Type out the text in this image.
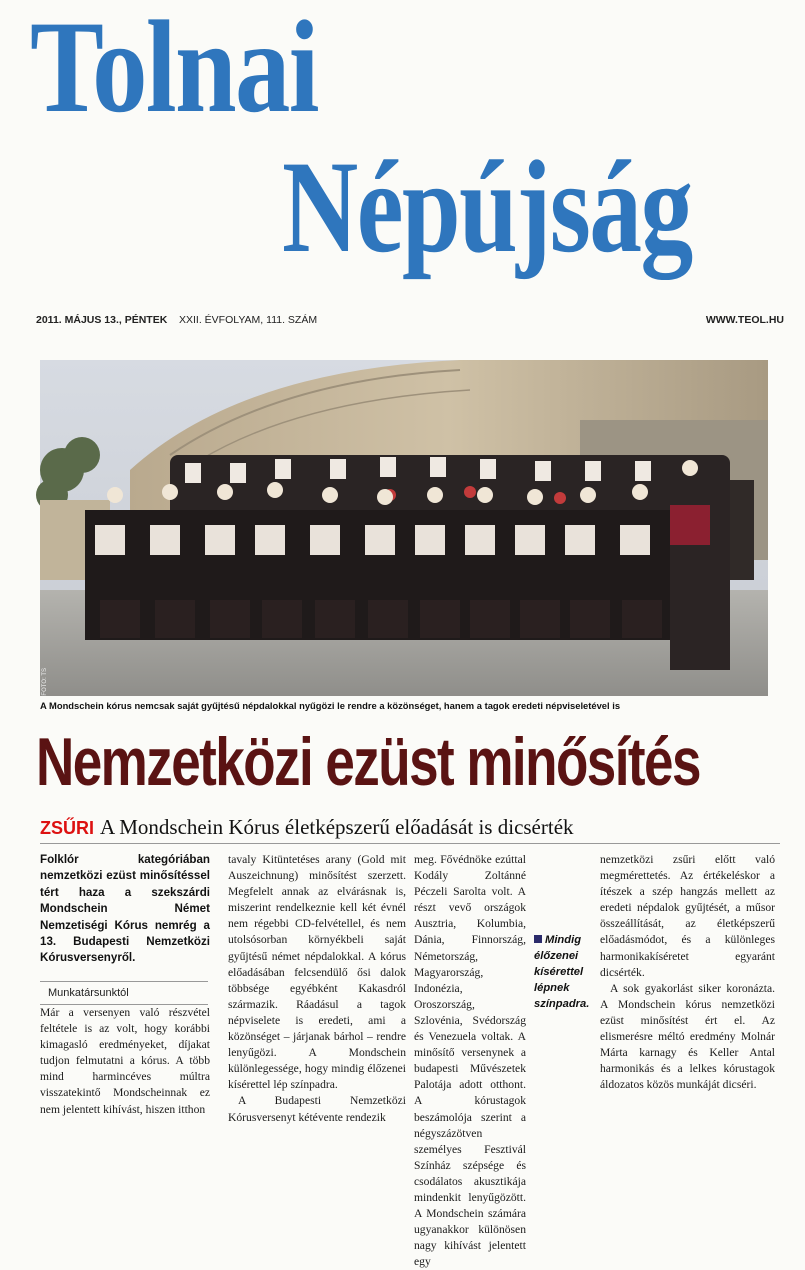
Tolnai
Népújság
2011. MÁJUS 13., PÉNTEK XXII. ÉVFOLYAM, 111. SZÁM	WWW.TEOL.HU
FOTÓ: TS
A Mondschein kórus nemcsak saját gyűjtésű népdalokkal nyűgözi le rendre a közönséget, hanem a tagok eredeti népviseletével is
Nemzetközi ezüst minősítés
ZSŰRI A Mondschein Kórus életképszerű előadását is dicsérték

Folklór kategóriában nemzetközi ezüst minősítéssel tért haza a szekszárdi Mondschein Német Nemzetiségi Kórus nemrég a 13. Budapesti Nemzetközi Kórusversenyről.

Munkatársunktól

Már a versenyen való részvétel feltétele is az volt, hogy korábbi kimagasló eredményeket, díjakat tudjon felmutatni a kórus. A több mind harmincéves múltra visszatekintő Mondscheinnak ez nem jelentett kihívást, hiszen itthon

tavaly Kitüntetéses arany (Gold mit Auszeichnung) minősítést szerzett. Megfelelt annak az elvárásnak is, miszerint rendelkeznie kell két évnél nem régebbi CD-felvétellel, és nem utolsósorban környékbeli saját gyűjtésű német népdalokkal. A kórus előadásában felcsendülő ősi dalok többsége egyébként Kakasdról származik. Ráadásul a tagok népviselete is eredeti, ami a közönséget – járjanak bárhol – rendre lenyűgözi. A Mondschein különlegessége, hogy mindig élőzenei kísérettel lép színpadra.

A Budapesti Nemzetközi Kórusversenyt kétévente rendezik

meg. Fővédnöke ezúttal Kodály Zoltánné Péczeli Sarolta volt. A részt vevő országok Ausztria, Kolumbia, Dánia, Finnország, Németország, Magyarország, Indonézia, Oroszország, Szlovénia, Svédország és Venezuela voltak. A minősítő versenynek a budapesti Művészetek Palotája adott otthont. A kórustagok beszámolója szerint a négyszázötven személyes Fesztivál Színház szépsége és csodálatos akusztikája mindenkit lenyűgözött. A Mondschein számára ugyanakkor különösen nagy kihívást jelentett egy

Mindig élőzenei kísérettel lépnek színpadra.

nemzetközi zsűri előtt való megmérettetés. Az értékeléskor a ítészek a szép hangzás mellett az eredeti népdalok gyűjtését, a műsor összeállítását, az életképszerű előadásmódot, és a különleges harmonikakíséretet egyaránt dicsérték.

A sok gyakorlást siker koronázta. A Mondschein kórus nemzetközi ezüst minősítést ért el. Az elismerésre méltó eredmény Molnár Márta karnagy és Keller Antal harmonikás és a lelkes kórustagok áldozatos közös munkáját dicséri.
